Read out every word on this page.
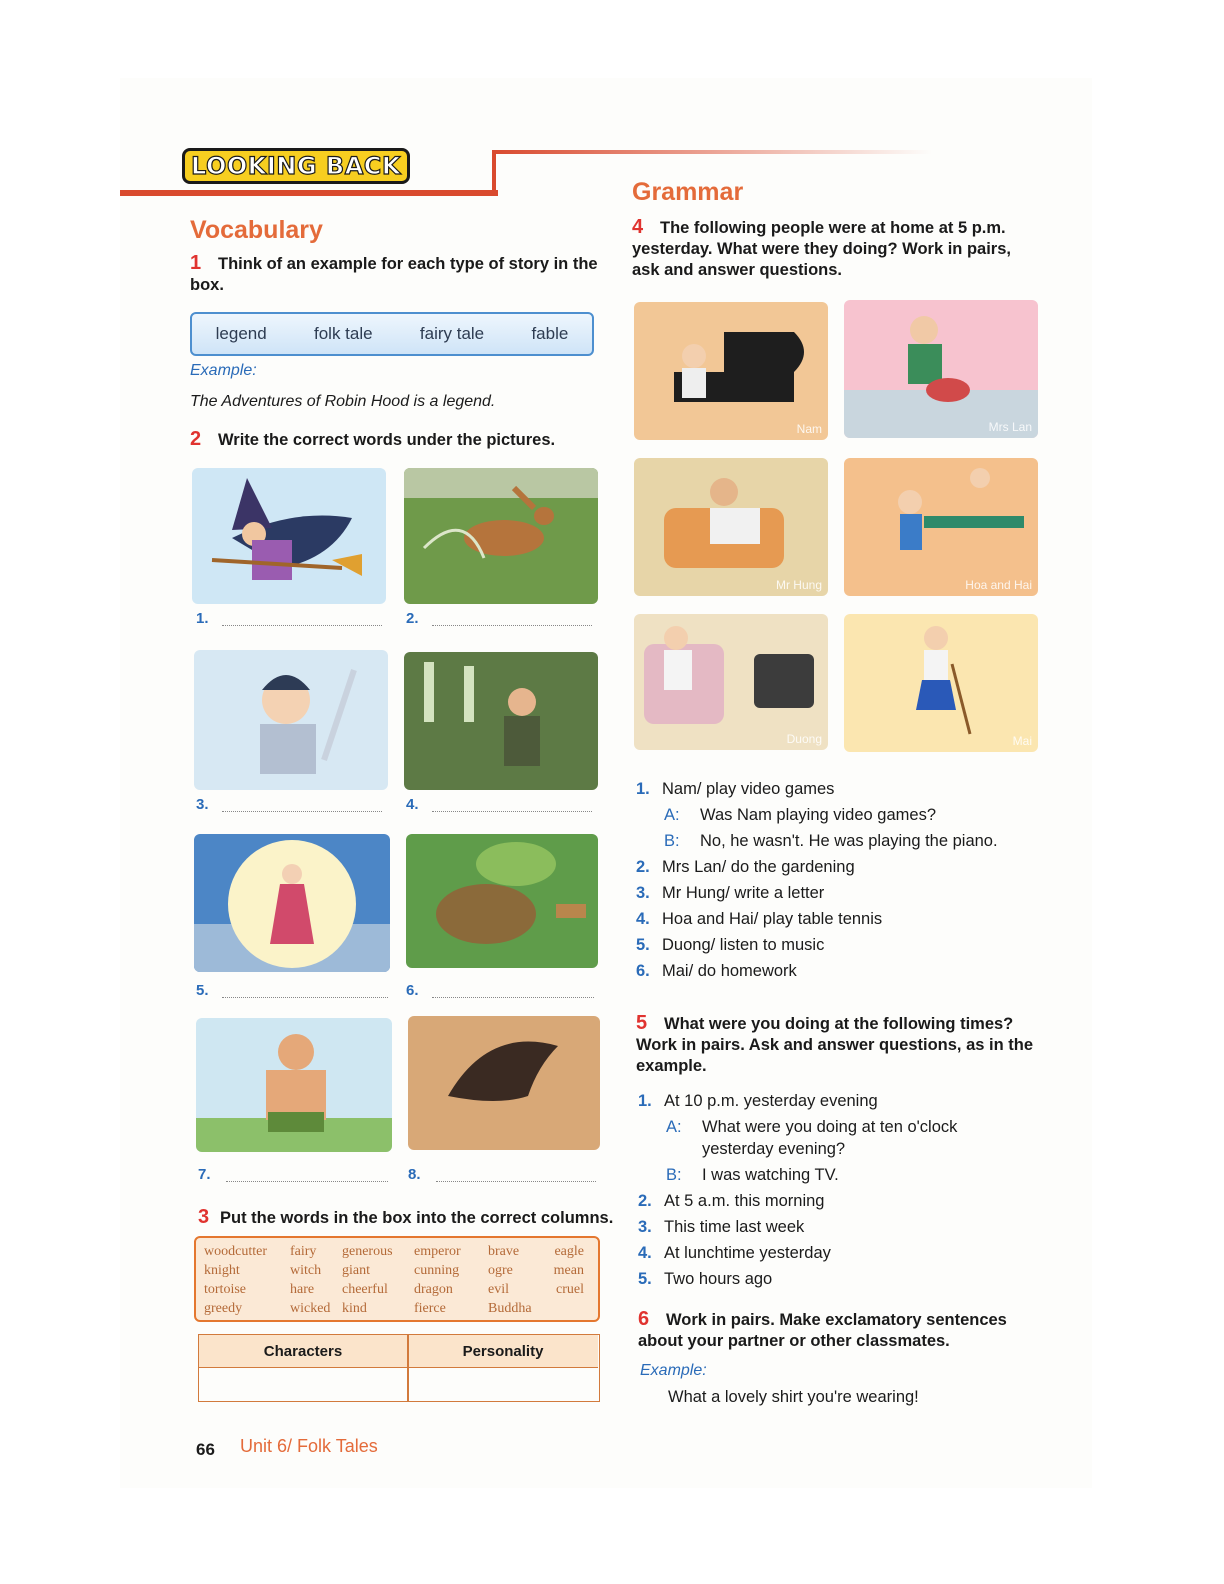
LOOKING BACK
Vocabulary
1 Think of an example for each type of story in the box.
legend	folk tale	fairy tale	fable
Example:
The Adventures of Robin Hood is a legend.
2 Write the correct words under the pictures.
1.	2.
3.	4.
5.	6.
7.	8.
3 Put the words in the box into the correct columns.
woodcutter
knight
tortoise
greedy
fairy
witch
hare
wicked
generous
giant
cheerful
kind
emperor
cunning
dragon
fierce
brave
ogre
evil
Buddha
eagle
mean
cruel
Characters	Personality
66 Unit 6/ Folk Tales
Grammar
4 The following people were at home at 5 p.m. yesterday. What were they doing? Work in pairs, ask and answer questions.
Nam	Mrs Lan
Mr Hung	Hoa and Hai
Duong	Mai
1. Nam/ play video games
A: Was Nam playing video games?
B: No, he wasn't. He was playing the piano.
2. Mrs Lan/ do the gardening
3. Mr Hung/ write a letter
4. Hoa and Hai/ play table tennis
5. Duong/ listen to music
6. Mai/ do homework
5 What were you doing at the following times? Work in pairs. Ask and answer questions, as in the example.
1. At 10 p.m. yesterday evening
A:	What were you doing at ten o'clock yesterday evening?
B: I was watching TV.
2. At 5 a.m. this morning
3. This time last week
4. At lunchtime yesterday
5. Two hours ago
6 Work in pairs. Make exclamatory sentences about your partner or other classmates.
Example:
What a lovely shirt you're wearing!
